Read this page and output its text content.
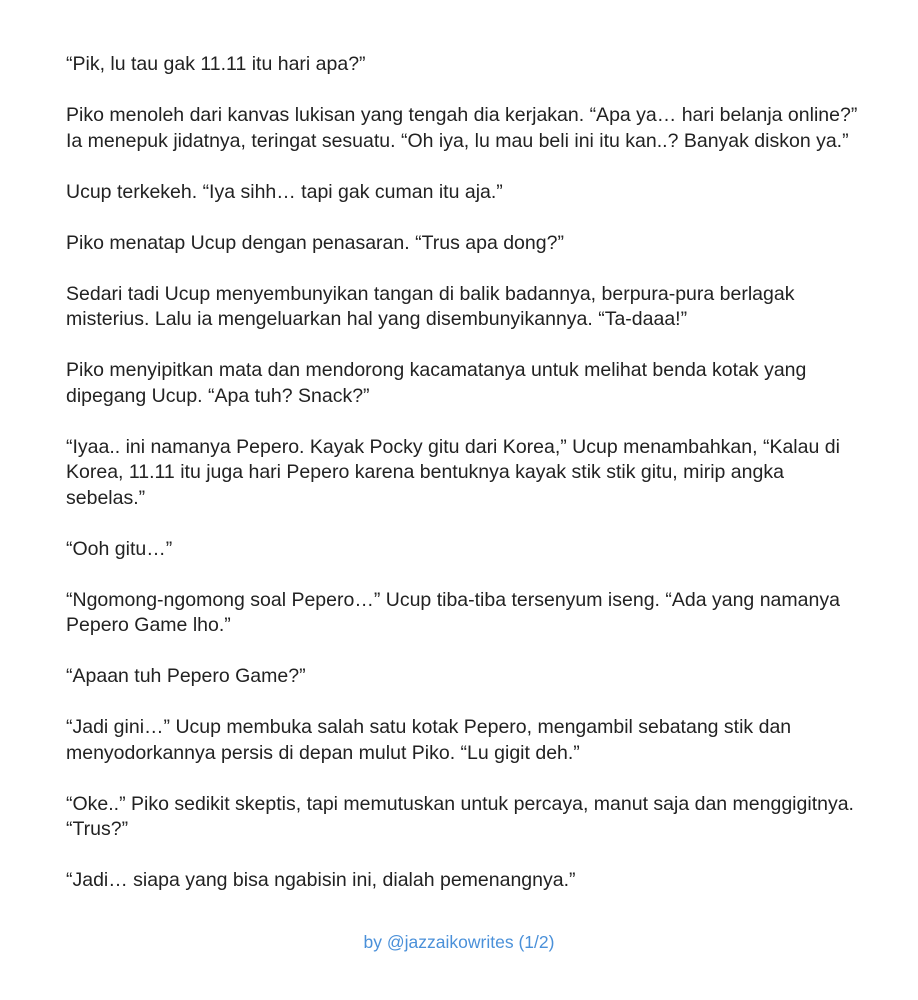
“Pik, lu tau gak 11.11 itu hari apa?”

Piko menoleh dari kanvas lukisan yang tengah dia kerjakan. “Apa ya… hari belanja online?” Ia menepuk jidatnya, teringat sesuatu. “Oh iya, lu mau beli ini itu kan..? Banyak diskon ya.”

Ucup terkekeh. “Iya sihh… tapi gak cuman itu aja.”

Piko menatap Ucup dengan penasaran. “Trus apa dong?”

Sedari tadi Ucup menyembunyikan tangan di balik badannya, berpura-pura berlagak misterius. Lalu ia mengeluarkan hal yang disembunyikannya. “Ta-daaa!”

Piko menyipitkan mata dan mendorong kacamatanya untuk melihat benda kotak yang dipegang Ucup. “Apa tuh? Snack?”

“Iyaa.. ini namanya Pepero. Kayak Pocky gitu dari Korea,” Ucup menambahkan, “Kalau di Korea, 11.11 itu juga hari Pepero karena bentuknya kayak stik stik gitu, mirip angka sebelas.”

“Ooh gitu…”

“Ngomong-ngomong soal Pepero…” Ucup tiba-tiba tersenyum iseng. “Ada yang namanya Pepero Game lho.”

“Apaan tuh Pepero Game?”

“Jadi gini…” Ucup membuka salah satu kotak Pepero, mengambil sebatang stik dan menyodorkannya persis di depan mulut Piko. “Lu gigit deh.”

“Oke..” Piko sedikit skeptis, tapi memutuskan untuk percaya, manut saja dan menggigitnya. “Trus?”

“Jadi… siapa yang bisa ngabisin ini, dialah pemenangnya.”

by @jazzaikowrites (1/2)
